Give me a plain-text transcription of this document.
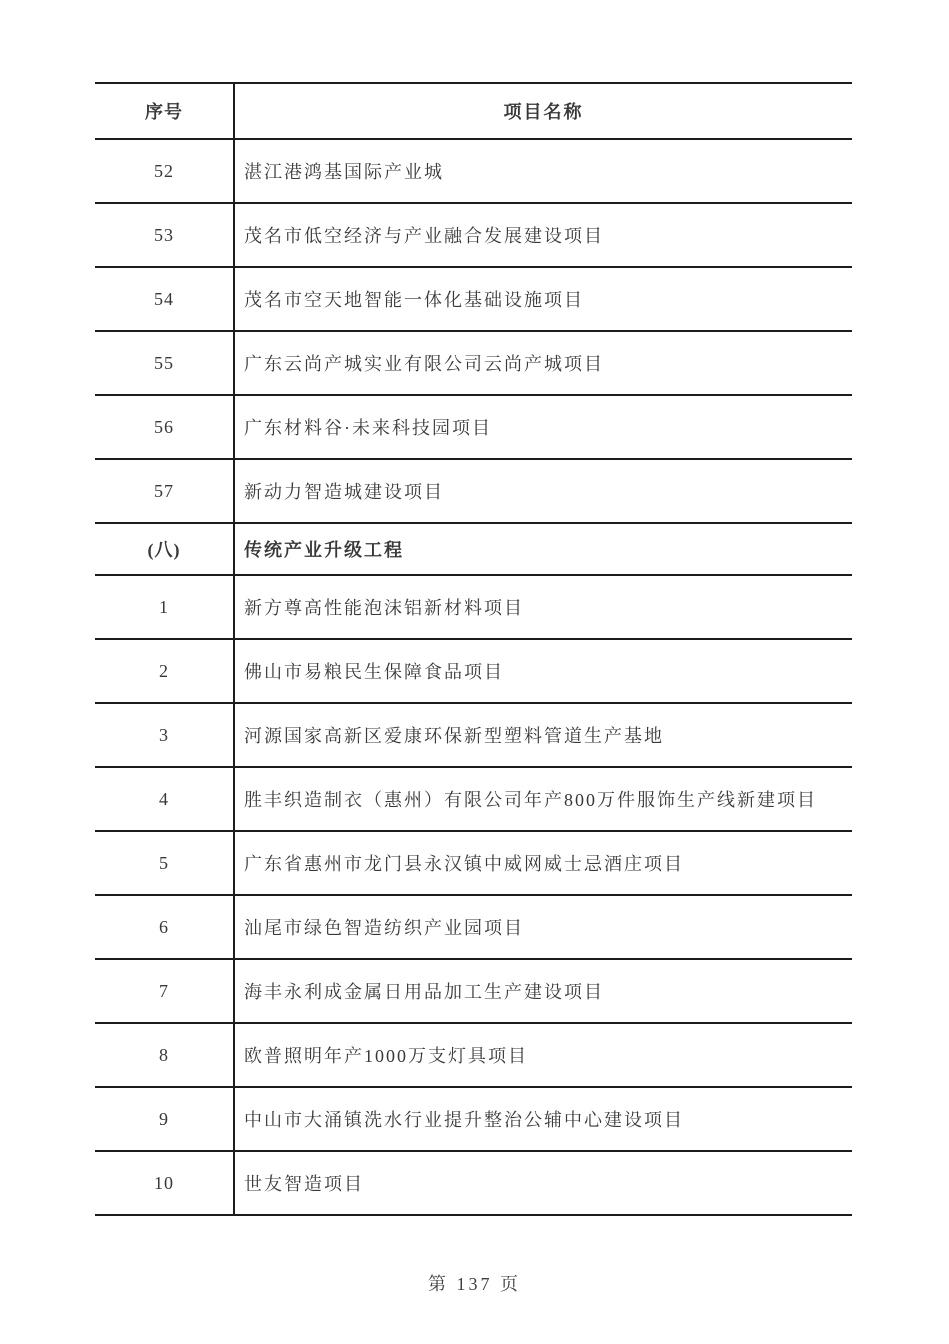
序号	项目名称
52	湛江港鸿基国际产业城
53	茂名市低空经济与产业融合发展建设项目
54	茂名市空天地智能一体化基础设施项目
55	广东云尚产城实业有限公司云尚产城项目
56	广东材料谷·未来科技园项目
57	新动力智造城建设项目
(八)	传统产业升级工程
1	新方尊高性能泡沫铝新材料项目
2	佛山市易粮民生保障食品项目
3	河源国家高新区爱康环保新型塑料管道生产基地
4	胜丰织造制衣（惠州）有限公司年产800万件服饰生产线新建项目
5	广东省惠州市龙门县永汉镇中威网威士忌酒庄项目
6	汕尾市绿色智造纺织产业园项目
7	海丰永利成金属日用品加工生产建设项目
8	欧普照明年产1000万支灯具项目
9	中山市大涌镇洗水行业提升整治公辅中心建设项目
10	世友智造项目
第 137 页
